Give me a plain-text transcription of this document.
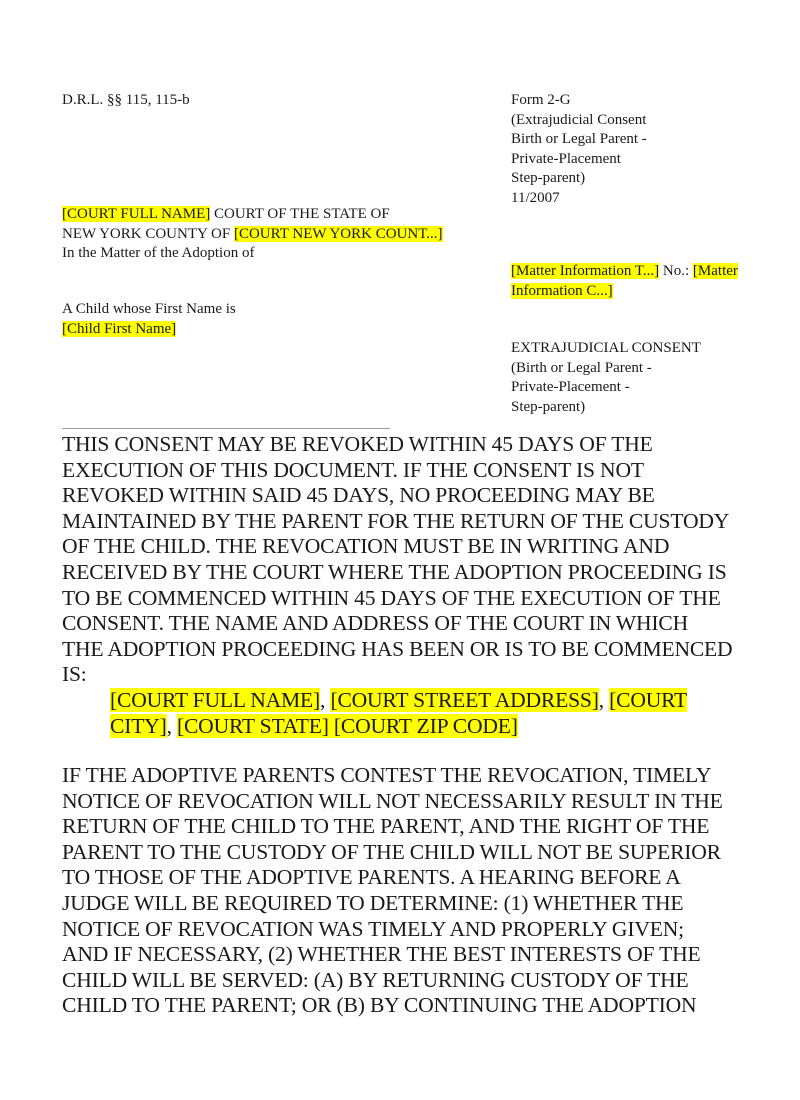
D.R.L. §§ 115, 115-b	Form 2-G
(Extrajudicial Consent
Birth or Legal Parent -
Private-Placement
Step-parent)
11/2007
[COURT FULL NAME] COURT OF THE STATE OF
NEW YORK COUNTY OF [COURT NEW YORK COUNT...]
In the Matter of the Adoption of
[Matter Information T...] No.: [Matter
Information C...]
A Child whose First Name is
[Child First Name]
EXTRAJUDICIAL CONSENT
(Birth or Legal Parent -
Private-Placement -
Step-parent)
THIS CONSENT MAY BE REVOKED WITHIN 45 DAYS OF THE
EXECUTION OF THIS DOCUMENT. IF THE CONSENT IS NOT
REVOKED WITHIN SAID 45 DAYS, NO PROCEEDING MAY BE
MAINTAINED BY THE PARENT FOR THE RETURN OF THE CUSTODY
OF THE CHILD. THE REVOCATION MUST BE IN WRITING AND
RECEIVED BY THE COURT WHERE THE ADOPTION PROCEEDING IS
TO BE COMMENCED WITHIN 45 DAYS OF THE EXECUTION OF THE
CONSENT. THE NAME AND ADDRESS OF THE COURT IN WHICH
THE ADOPTION PROCEEDING HAS BEEN OR IS TO BE COMMENCED
IS:
[COURT FULL NAME], [COURT STREET ADDRESS], [COURT
CITY], [COURT STATE] [COURT ZIP CODE]
IF THE ADOPTIVE PARENTS CONTEST THE REVOCATION, TIMELY
NOTICE OF REVOCATION WILL NOT NECESSARILY RESULT IN THE
RETURN OF THE CHILD TO THE PARENT, AND THE RIGHT OF THE
PARENT TO THE CUSTODY OF THE CHILD WILL NOT BE SUPERIOR
TO THOSE OF THE ADOPTIVE PARENTS. A HEARING BEFORE A
JUDGE WILL BE REQUIRED TO DETERMINE: (1) WHETHER THE
NOTICE OF REVOCATION WAS TIMELY AND PROPERLY GIVEN;
AND IF NECESSARY, (2) WHETHER THE BEST INTERESTS OF THE
CHILD WILL BE SERVED: (A) BY RETURNING CUSTODY OF THE
CHILD TO THE PARENT; OR (B) BY CONTINUING THE ADOPTION
